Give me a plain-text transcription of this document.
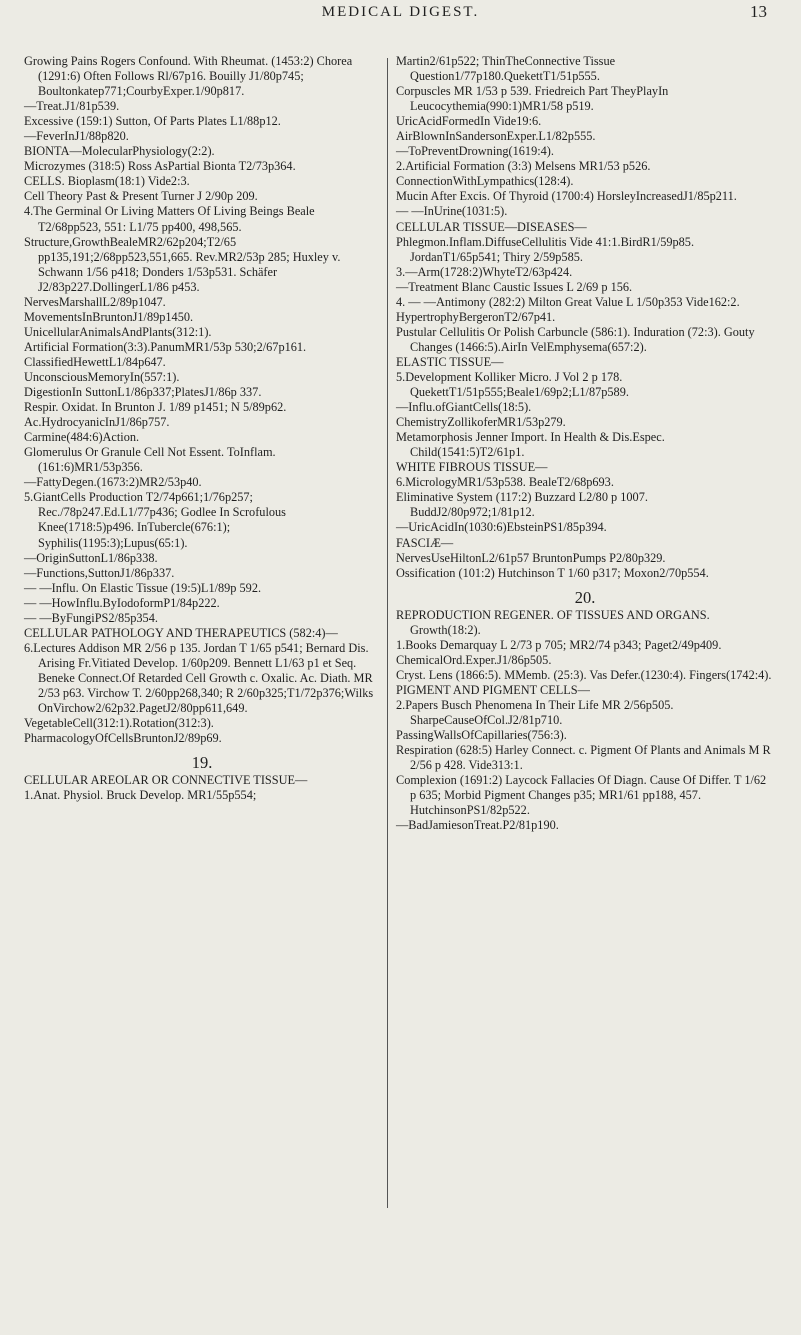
MEDICAL DIGEST.	13

Growing Pains Rogers Confound. With Rheumat. (1453:2) Chorea (1291:6) Often Follows Rl/67p16. Bouilly J1/80p745; Boultonkatep771;CourbyExper.1/90p817.

—Treat.J1/81p539.

Excessive (159:1) Sutton, Of Parts Plates L1/88p12.

—FeverInJ1/88p820.

BIONTA—MolecularPhysiology(2:2).

Microzymes (318:5) Ross AsPartial Bionta T2/73p364.

CELLS. Bioplasm(18:1) Vide2:3.

Cell Theory Past & Present Turner J 2/90p 209.

4.The Germinal Or Living Matters Of Living Beings Beale T2/68pp523, 551: L1/75 pp400, 498,565.

Structure,GrowthBealeMR2/62p204;T2/65 pp135,191;2/68pp523,551,665. Rev.MR2/53p 285; Huxley v. Schwann 1/56 p418; Donders 1/53p531. Schäfer J2/83p227.DollingerL1/86 p453.

NervesMarshallL2/89p1047.

MovementsInBruntonJ1/89p1450.

UnicellularAnimalsAndPlants(312:1).

Artificial Formation(3:3).PanumMR1/53p 530;2/67p161.

ClassifiedHewettL1/84p647.

UnconsciousMemoryIn(557:1).

DigestionIn SuttonL1/86p337;PlatesJ1/86p 337.

Respir. Oxidat. In Brunton J. 1/89 p1451; N 5/89p62.

Ac.HydrocyanicInJ1/86p757.

Carmine(484:6)Action.

Glomerulus Or Granule Cell Not Essent. ToInflam.(161:6)MR1/53p356.

—FattyDegen.(1673:2)MR2/53p40.

5.GiantCells Production T2/74p661;1/76p257; Rec./78p247.Ed.L1/77p436; Godlee In Scrofulous Knee(1718:5)p496. InTubercle(676:1); Syphilis(1195:3);Lupus(65:1).

—OriginSuttonL1/86p338.

—Functions,SuttonJ1/86p337.

— —Influ. On Elastic Tissue (19:5)L1/89p 592.

— —HowInflu.ByIodoformP1/84p222.

— —ByFungiPS2/85p354.

CELLULAR PATHOLOGY AND THERAPEUTICS (582:4)—

6.Lectures Addison MR 2/56 p 135. Jordan T 1/65 p541; Bernard Dis. Arising Fr.Vitiated Develop. 1/60p209. Bennett L1/63 p1 et Seq. Beneke Connect.Of Retarded Cell Growth c. Oxalic. Ac. Diath. MR 2/53 p63. Virchow T. 2/60pp268,340; R 2/60p325;T1/72p376;Wilks OnVirchow2/62p32.PagetJ2/80pp611,649.

VegetableCell(312:1).Rotation(312:3).

PharmacologyOfCellsBruntonJ2/89p69.

19.

CELLULAR AREOLAR OR CONNECTIVE TISSUE—

1.Anat. Physiol. Bruck Develop. MR1/55p554;

Martin2/61p522; ThinTheConnective Tissue Question1/77p180.QuekettT1/51p555.

Corpuscles MR 1/53 p 539. Friedreich Part TheyPlayIn Leucocythemia(990:1)MR1/58 p519.

UricAcidFormedIn Vide19:6.

AirBlownInSandersonExper.L1/82p555.

—ToPreventDrowning(1619:4).

2.Artificial Formation (3:3) Melsens MR1/53 p526.

ConnectionWithLympathics(128:4).

Mucin After Excis. Of Thyroid (1700:4) HorsleyIncreasedJ1/85p211.

— —InUrine(1031:5).

CELLULAR TISSUE—DISEASES—

Phlegmon.Inflam.DiffuseCellulitis Vide 41:1.BirdR1/59p85. JordanT1/65p541; Thiry 2/59p585.

3.—Arm(1728:2)WhyteT2/63p424.

—Treatment Blanc Caustic Issues L 2/69 p 156.

4. — —Antimony (282:2) Milton Great Value L 1/50p353 Vide162:2.

HypertrophyBergeronT2/67p41.

Pustular Cellulitis Or Polish Carbuncle (586:1). Induration (72:3). Gouty Changes (1466:5).AirIn VelEmphysema(657:2).

ELASTIC TISSUE—

5.Development Kolliker Micro. J Vol 2 p 178. QuekettT1/51p555;Beale1/69p2;L1/87p589.

—Influ.ofGiantCells(18:5).

ChemistryZollikoferMR1/53p279.

Metamorphosis Jenner Import. In Health & Dis.Espec. Child(1541:5)T2/61p1.

WHITE FIBROUS TISSUE—

6.MicrologyMR1/53p538. BealeT2/68p693.

Eliminative System (117:2) Buzzard L2/80 p 1007. BuddJ2/80p972;1/81p12.

—UricAcidIn(1030:6)EbsteinPS1/85p394.

FASCIÆ—

NervesUseHiltonL2/61p57 BruntonPumps P2/80p329.

Ossification (101:2) Hutchinson T 1/60 p317; Moxon2/70p554.

20.

REPRODUCTION REGENER. OF TISSUES AND ORGANS. Growth(18:2).

1.Books Demarquay L 2/73 p 705; MR2/74 p343; Paget2/49p409.

ChemicalOrd.Exper.J1/86p505.

Cryst. Lens (1866:5). MMemb. (25:3). Vas Defer.(1230:4). Fingers(1742:4).

PIGMENT AND PIGMENT CELLS—

2.Papers Busch Phenomena In Their Life MR 2/56p505. SharpeCauseOfCol.J2/81p710.

PassingWallsOfCapillaries(756:3).

Respiration (628:5) Harley Connect. c. Pigment Of Plants and Animals M R 2/56 p 428. Vide313:1.

Complexion (1691:2) Laycock Fallacies Of Diagn. Cause Of Differ. T 1/62 p 635; Morbid Pigment Changes p35; MR1/61 pp188, 457. HutchinsonPS1/82p522.

—BadJamiesonTreat.P2/81p190.
